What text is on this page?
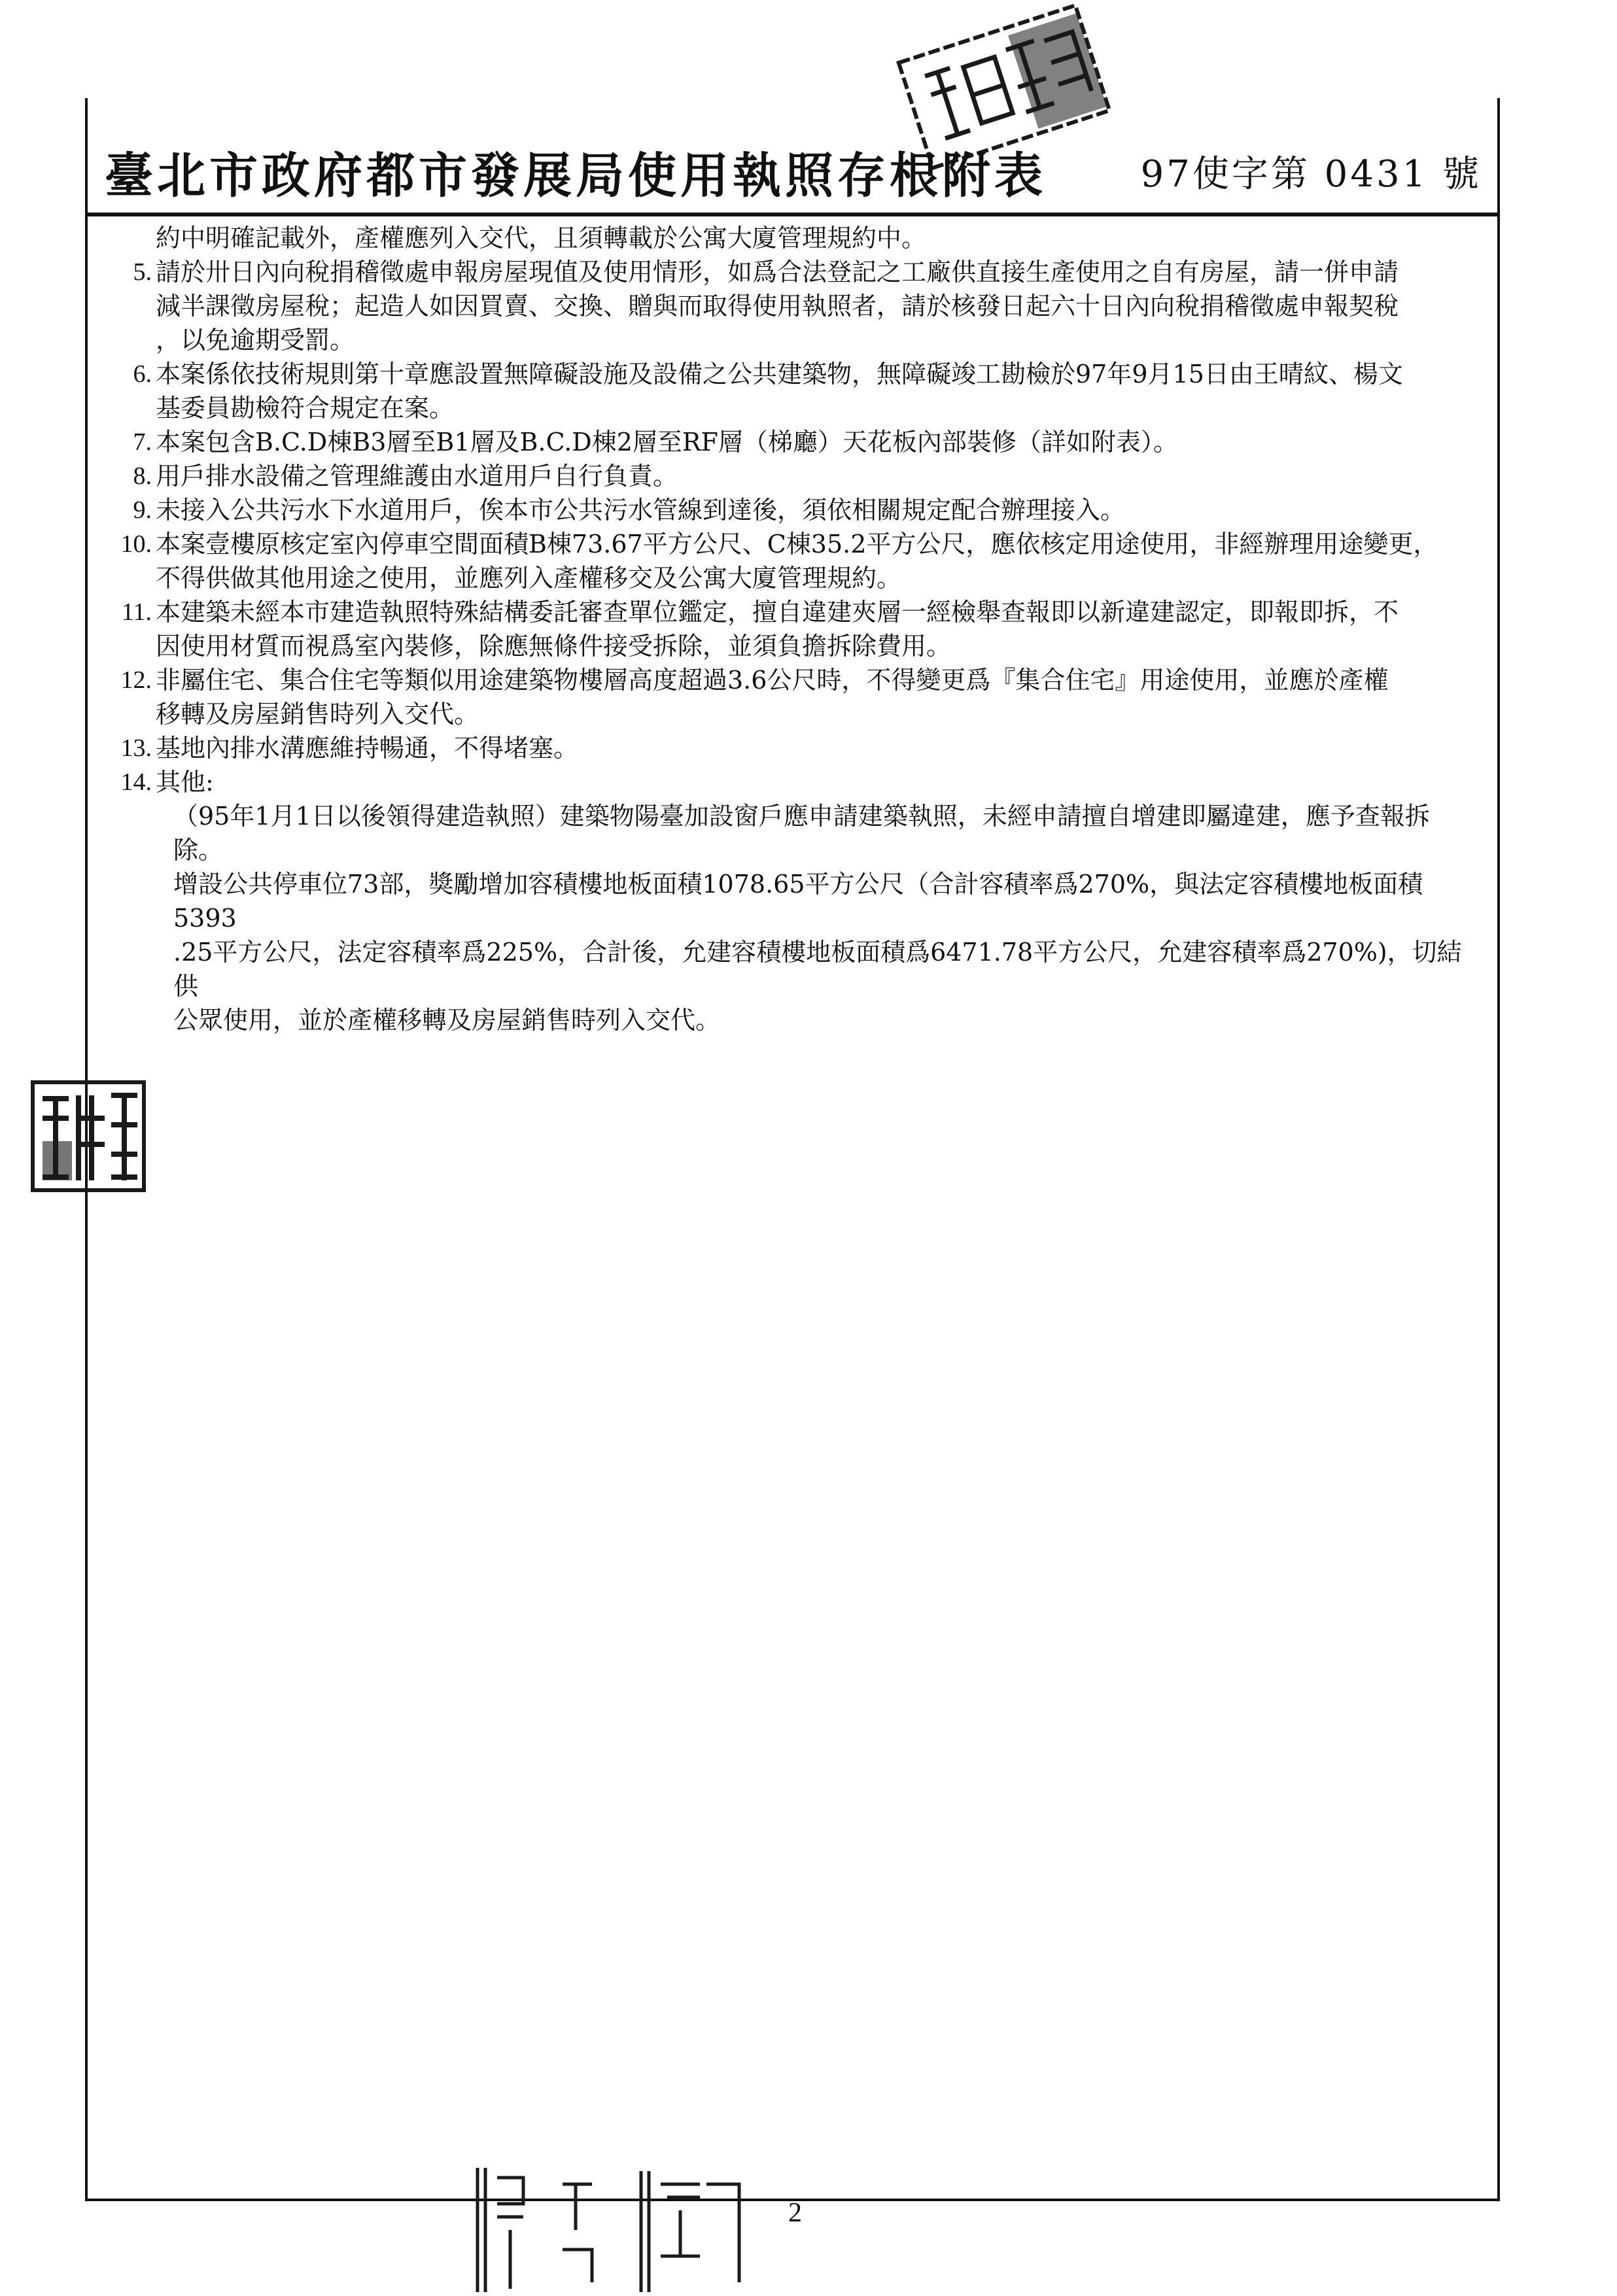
臺北市政府都市發展局使用執照存根附表	97使字第 0431 號
約中明確記載外，產權應列入交代，且須轉載於公寓大廈管理規約中。
5. 請於卅日內向稅捐稽徵處申報房屋現值及使用情形，如爲合法登記之工廠供直接生產使用之自有房屋，請一併申請
減半課徵房屋稅；起造人如因買賣、交換、贈與而取得使用執照者，請於核發日起六十日內向稅捐稽徵處申報契稅
，以免逾期受罰。
6. 本案係依技術規則第十章應設置無障礙設施及設備之公共建築物，無障礙竣工勘檢於97年9月15日由王晴紋、楊文
基委員勘檢符合規定在案。
7. 本案包含B.C.D棟B3層至B1層及B.C.D棟2層至RF層（梯廳）天花板內部裝修（詳如附表）。
8. 用戶排水設備之管理維護由水道用戶自行負責。
9. 未接入公共污水下水道用戶，俟本市公共污水管線到達後，須依相關規定配合辦理接入。
10. 本案壹樓原核定室內停車空間面積B棟73.67平方公尺、C棟35.2平方公尺，應依核定用途使用，非經辦理用途變更，
不得供做其他用途之使用，並應列入產權移交及公寓大廈管理規約。
11. 本建築未經本市建造執照特殊結構委託審查單位鑑定，擅自違建夾層一經檢舉查報即以新違建認定，即報即拆，不
因使用材質而視爲室內裝修，除應無條件接受拆除，並須負擔拆除費用。
12. 非屬住宅、集合住宅等類似用途建築物樓層高度超過3.6公尺時，不得變更爲『集合住宅』用途使用，並應於產權
移轉及房屋銷售時列入交代。
13. 基地內排水溝應維持暢通，不得堵塞。
14. 其他:
（95年1月1日以後領得建造執照）建築物陽臺加設窗戶應申請建築執照，未經申請擅自增建即屬違建，應予查報拆
除。
增設公共停車位73部，獎勵增加容積樓地板面積1078.65平方公尺（合計容積率爲270%，與法定容積樓地板面積5393
.25平方公尺，法定容積率爲225%，合計後，允建容積樓地板面積爲6471.78平方公尺，允建容積率爲270%)，切結供
公眾使用，並於產權移轉及房屋銷售時列入交代。
2
